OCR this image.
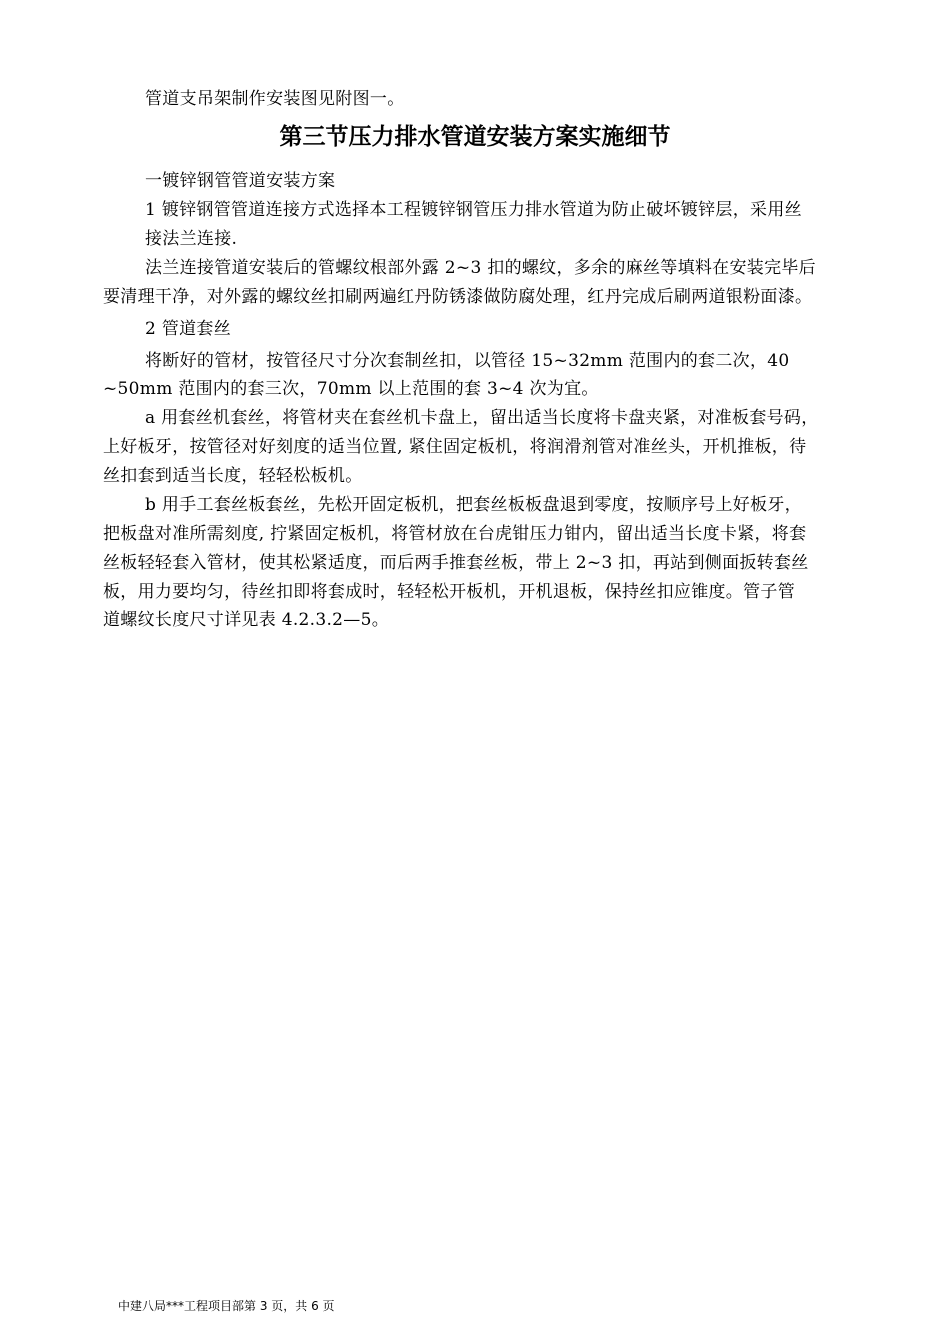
管道支吊架制作安装图见附图一。
第三节压力排水管道安装方案实施细节
一镀锌钢管管道安装方案
1 镀锌钢管管道连接方式选择本工程镀锌钢管压力排水管道为防止破坏镀锌层，采用丝
接法兰连接.
法兰连接管道安装后的管螺纹根部外露 2~3 扣的螺纹，多余的麻丝等填料在安装完毕后
要清理干净，对外露的螺纹丝扣刷两遍红丹防锈漆做防腐处理，红丹完成后刷两道银粉面漆。
2 管道套丝
将断好的管材，按管径尺寸分次套制丝扣，以管径 15~32mm 范围内的套二次，40
~50mm 范围内的套三次，70mm 以上范围的套 3~4 次为宜。
a 用套丝机套丝，将管材夹在套丝机卡盘上，留出适当长度将卡盘夹紧，对准板套号码，
上好板牙，按管径对好刻度的适当位置, 紧住固定板机，将润滑剂管对准丝头，开机推板，待
丝扣套到适当长度，轻轻松板机。
b 用手工套丝板套丝，先松开固定板机，把套丝板板盘退到零度，按顺序号上好板牙，
把板盘对准所需刻度, 拧紧固定板机，将管材放在台虎钳压力钳内，留出适当长度卡紧，将套
丝板轻轻套入管材，使其松紧适度，而后两手推套丝板，带上 2~3 扣，再站到侧面扳转套丝
板，用力要均匀，待丝扣即将套成时，轻轻松开板机，开机退板，保持丝扣应锥度。管子管
道螺纹长度尺寸详见表 4.2.3.2—5。
中建八局***工程项目部第 3 页，共 6 页
